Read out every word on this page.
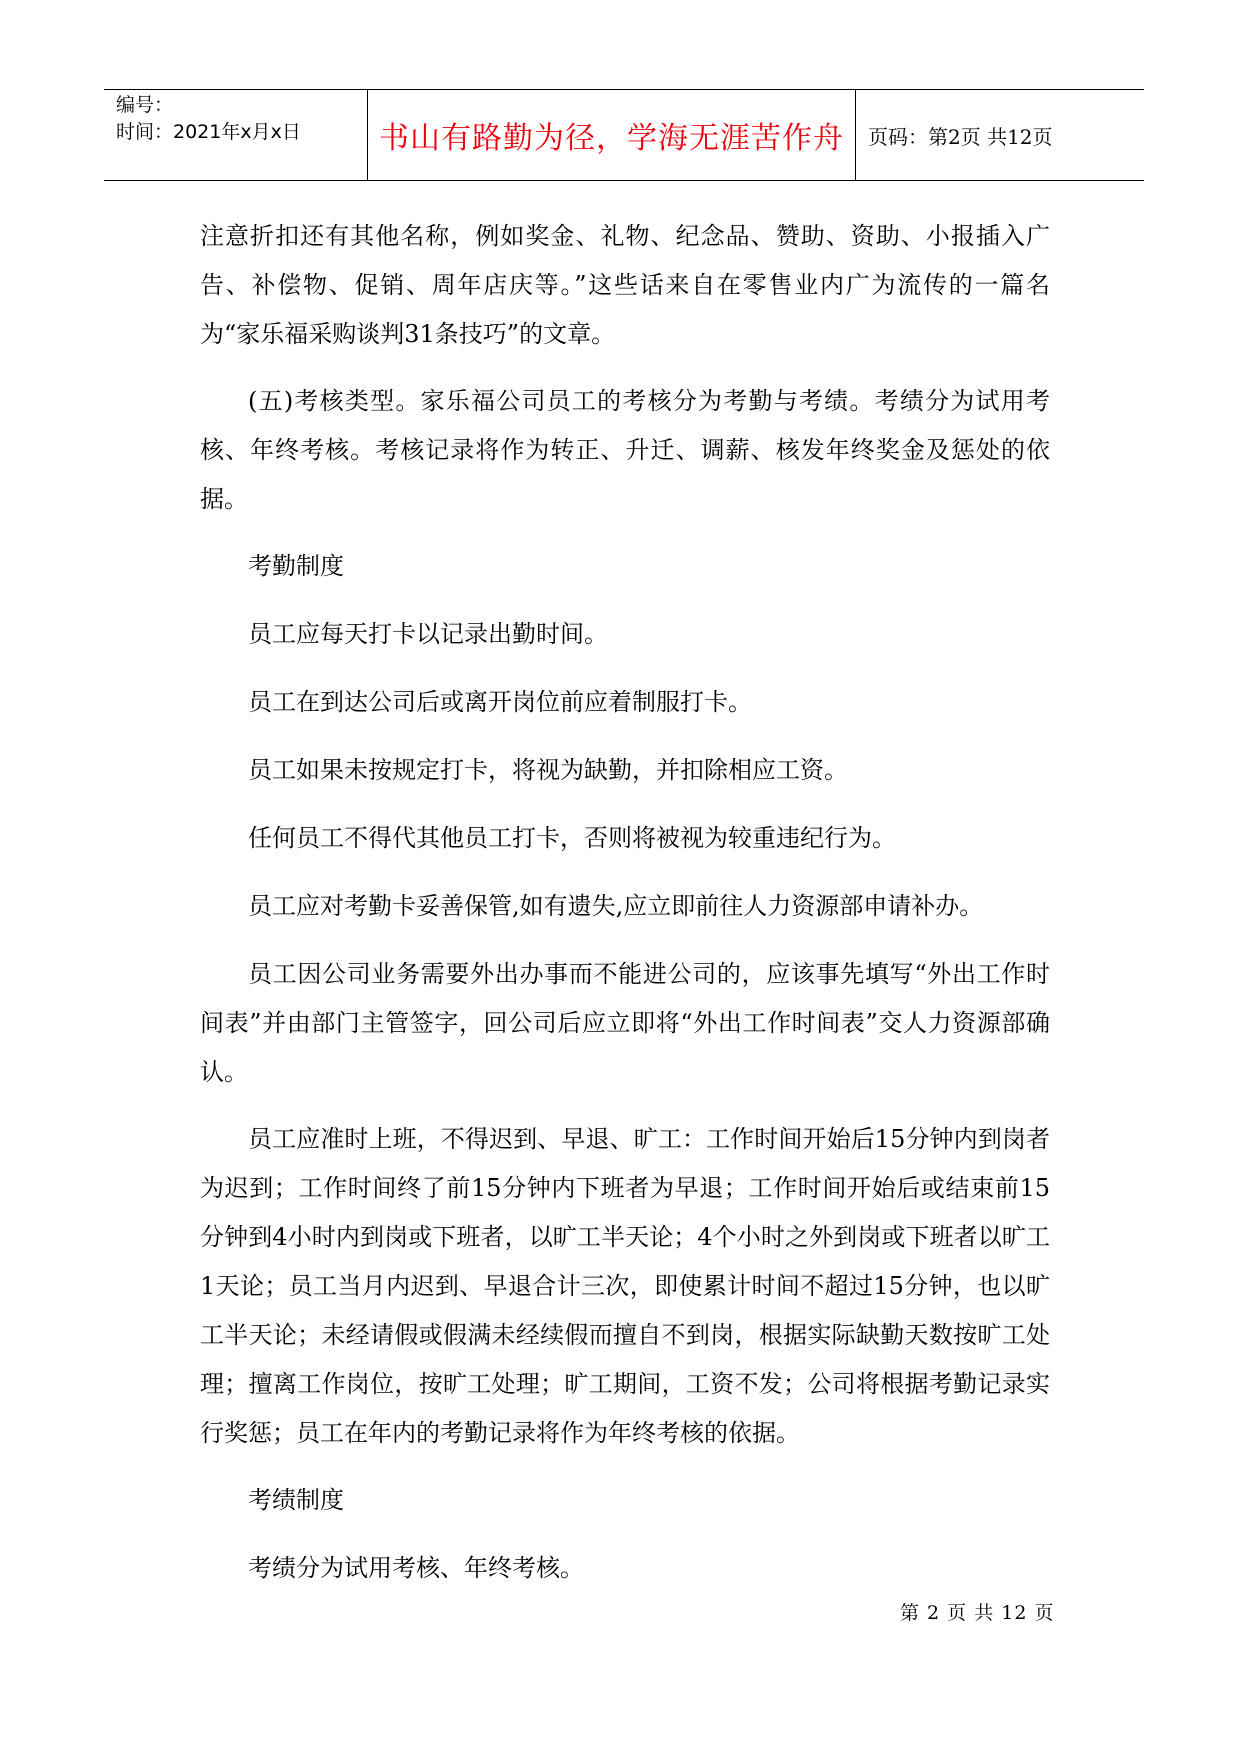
编号：
时间：2021年x月x日	书山有路勤为径，学海无涯苦作舟	页码：第2页 共12页

注意折扣还有其他名称，例如奖金、礼物、纪念品、赞助、资助、小报插入广告、补偿物、促销、周年店庆等。”这些话来自在零售业内广为流传的一篇名为“家乐福采购谈判31条技巧”的文章。

(五)考核类型。家乐福公司员工的考核分为考勤与考绩。考绩分为试用考核、年终考核。考核记录将作为转正、升迁、调薪、核发年终奖金及惩处的依据。

考勤制度

员工应每天打卡以记录出勤时间。

员工在到达公司后或离开岗位前应着制服打卡。

员工如果未按规定打卡，将视为缺勤，并扣除相应工资。

任何员工不得代其他员工打卡，否则将被视为较重违纪行为。

员工应对考勤卡妥善保管,如有遗失,应立即前往人力资源部申请补办。

员工因公司业务需要外出办事而不能进公司的，应该事先填写“外出工作时间表”并由部门主管签字，回公司后应立即将“外出工作时间表”交人力资源部确认。

员工应准时上班，不得迟到、早退、旷工：工作时间开始后15分钟内到岗者为迟到；工作时间终了前15分钟内下班者为早退；工作时间开始后或结束前15分钟到4小时内到岗或下班者，以旷工半天论；4个小时之外到岗或下班者以旷工1天论；员工当月内迟到、早退合计三次，即使累计时间不超过15分钟，也以旷工半天论；未经请假或假满未经续假而擅自不到岗，根据实际缺勤天数按旷工处理；擅离工作岗位，按旷工处理；旷工期间，工资不发；公司将根据考勤记录实行奖惩；员工在年内的考勤记录将作为年终考核的依据。

考绩制度

考绩分为试用考核、年终考核。

第 2 页 共 12 页
